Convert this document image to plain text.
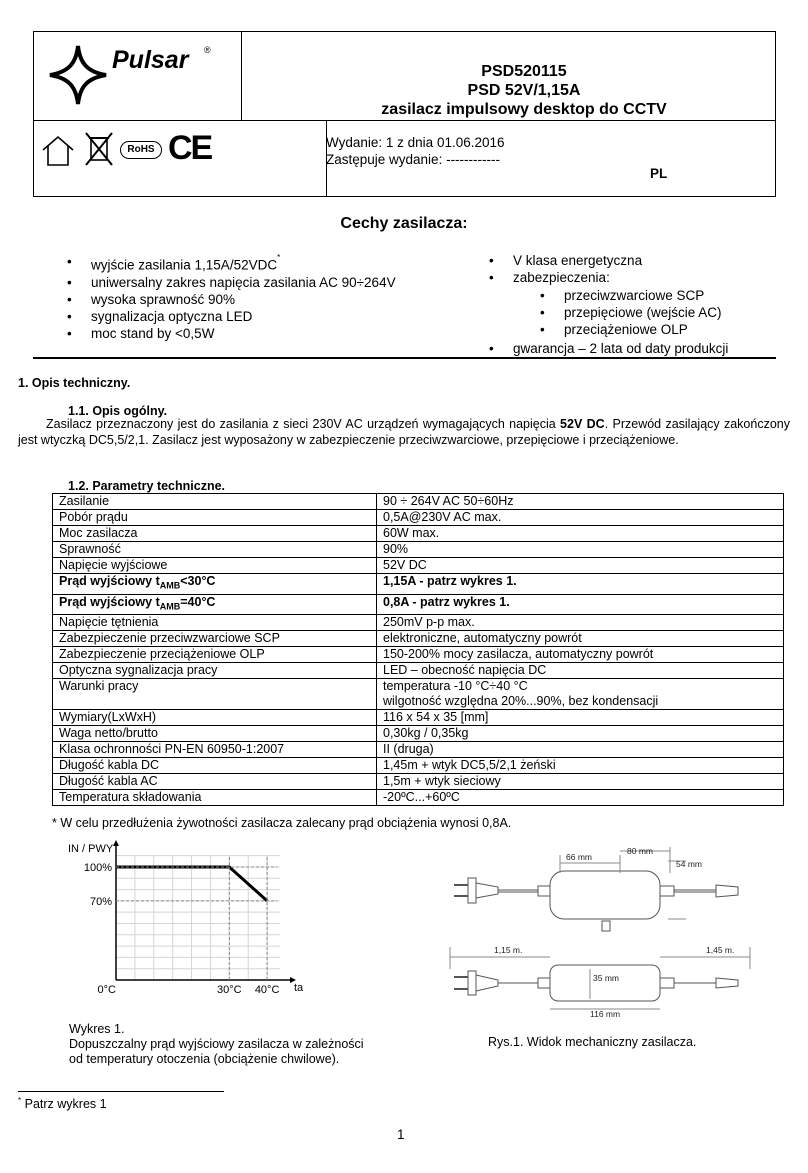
Pulsar ®
RoHS CE
PSD520115
PSD 52V/1,15A
zasilacz impulsowy desktop do CCTV
Wydanie: 1 z dnia 01.06.2016
Zastępuje wydanie: ------------
PL
Cechy zasilacza:
• wyjście zasilania 1,15A/52VDC*
• uniwersalny zakres napięcia zasilania AC 90÷264V
• wysoka sprawność 90%
• sygnalizacja optyczna LED
• moc stand by <0,5W
• V klasa energetyczna
• zabezpieczenia:
• przeciwzwarciowe SCP
• przepięciowe (wejście AC)
• przeciążeniowe OLP
• gwarancja – 2 lata od daty produkcji
1. Opis techniczny.
1.1. Opis ogólny.
Zasilacz przeznaczony jest do zasilania z sieci 230V AC urządzeń wymagających napięcia 52V DC. Przewód zasilający zakończony jest wtyczką DC5,5/2,1. Zasilacz jest wyposażony w zabezpieczenie przeciwzwarciowe, przepięciowe i przeciążeniowe.
1.2. Parametry techniczne.
Zasilanie	90 ÷ 264V AC 50÷60Hz
Pobór prądu	0,5A@230V AC max.
Moc zasilacza	60W max.
Sprawność	90%
Napięcie wyjściowe	52V DC
Prąd wyjściowy $t_{AMB}<30^\circ C$	1,15A - patrz wykres 1.
Prąd wyjściowy $t_{AMB}=40^\circ C$	0,8A - patrz wykres 1.
Napięcie tętnienia	250mV p-p max.
Zabezpieczenie przeciwzwarciowe SCP	elektroniczne, automatyczny powrót
Zabezpieczenie przeciążeniowe OLP	150-200% mocy zasilacza, automatyczny powrót
Optyczna sygnalizacja pracy	LED – obecność napięcia DC
Warunki pracy	temperatura -10 °C÷40 °C
wilgotność względna 20%...90%, bez kondensacji

Wymiary(LxWxH)	116 x 54 x 35 [mm]
Waga netto/brutto	0,30kg / 0,35kg
Klasa ochronności PN-EN 60950-1:2007	II (druga)
Długość kabla DC	1,45m + wtyk DC5,5/2,1 żeński
Długość kabla AC	1,5m + wtyk sieciowy
Temperatura składowania	-20ºC...+60ºC
* W celu przedłużenia żywotności zasilacza zalecany prąd obciążenia wynosi 0,8A.
IN / PWY
100%
70%
0°C	30°C 40°C ta
Wykres 1.
Dopuszczalny prąd wyjściowy zasilacza w zależności
od temperatury otoczenia (obciążenie chwilowe).
66 mm
80 mm
54 mm
1,15 m.	1,45 m.
35 mm
116 mm
Rys.1. Widok mechaniczny zasilacza.
* Patrz wykres 1
1
